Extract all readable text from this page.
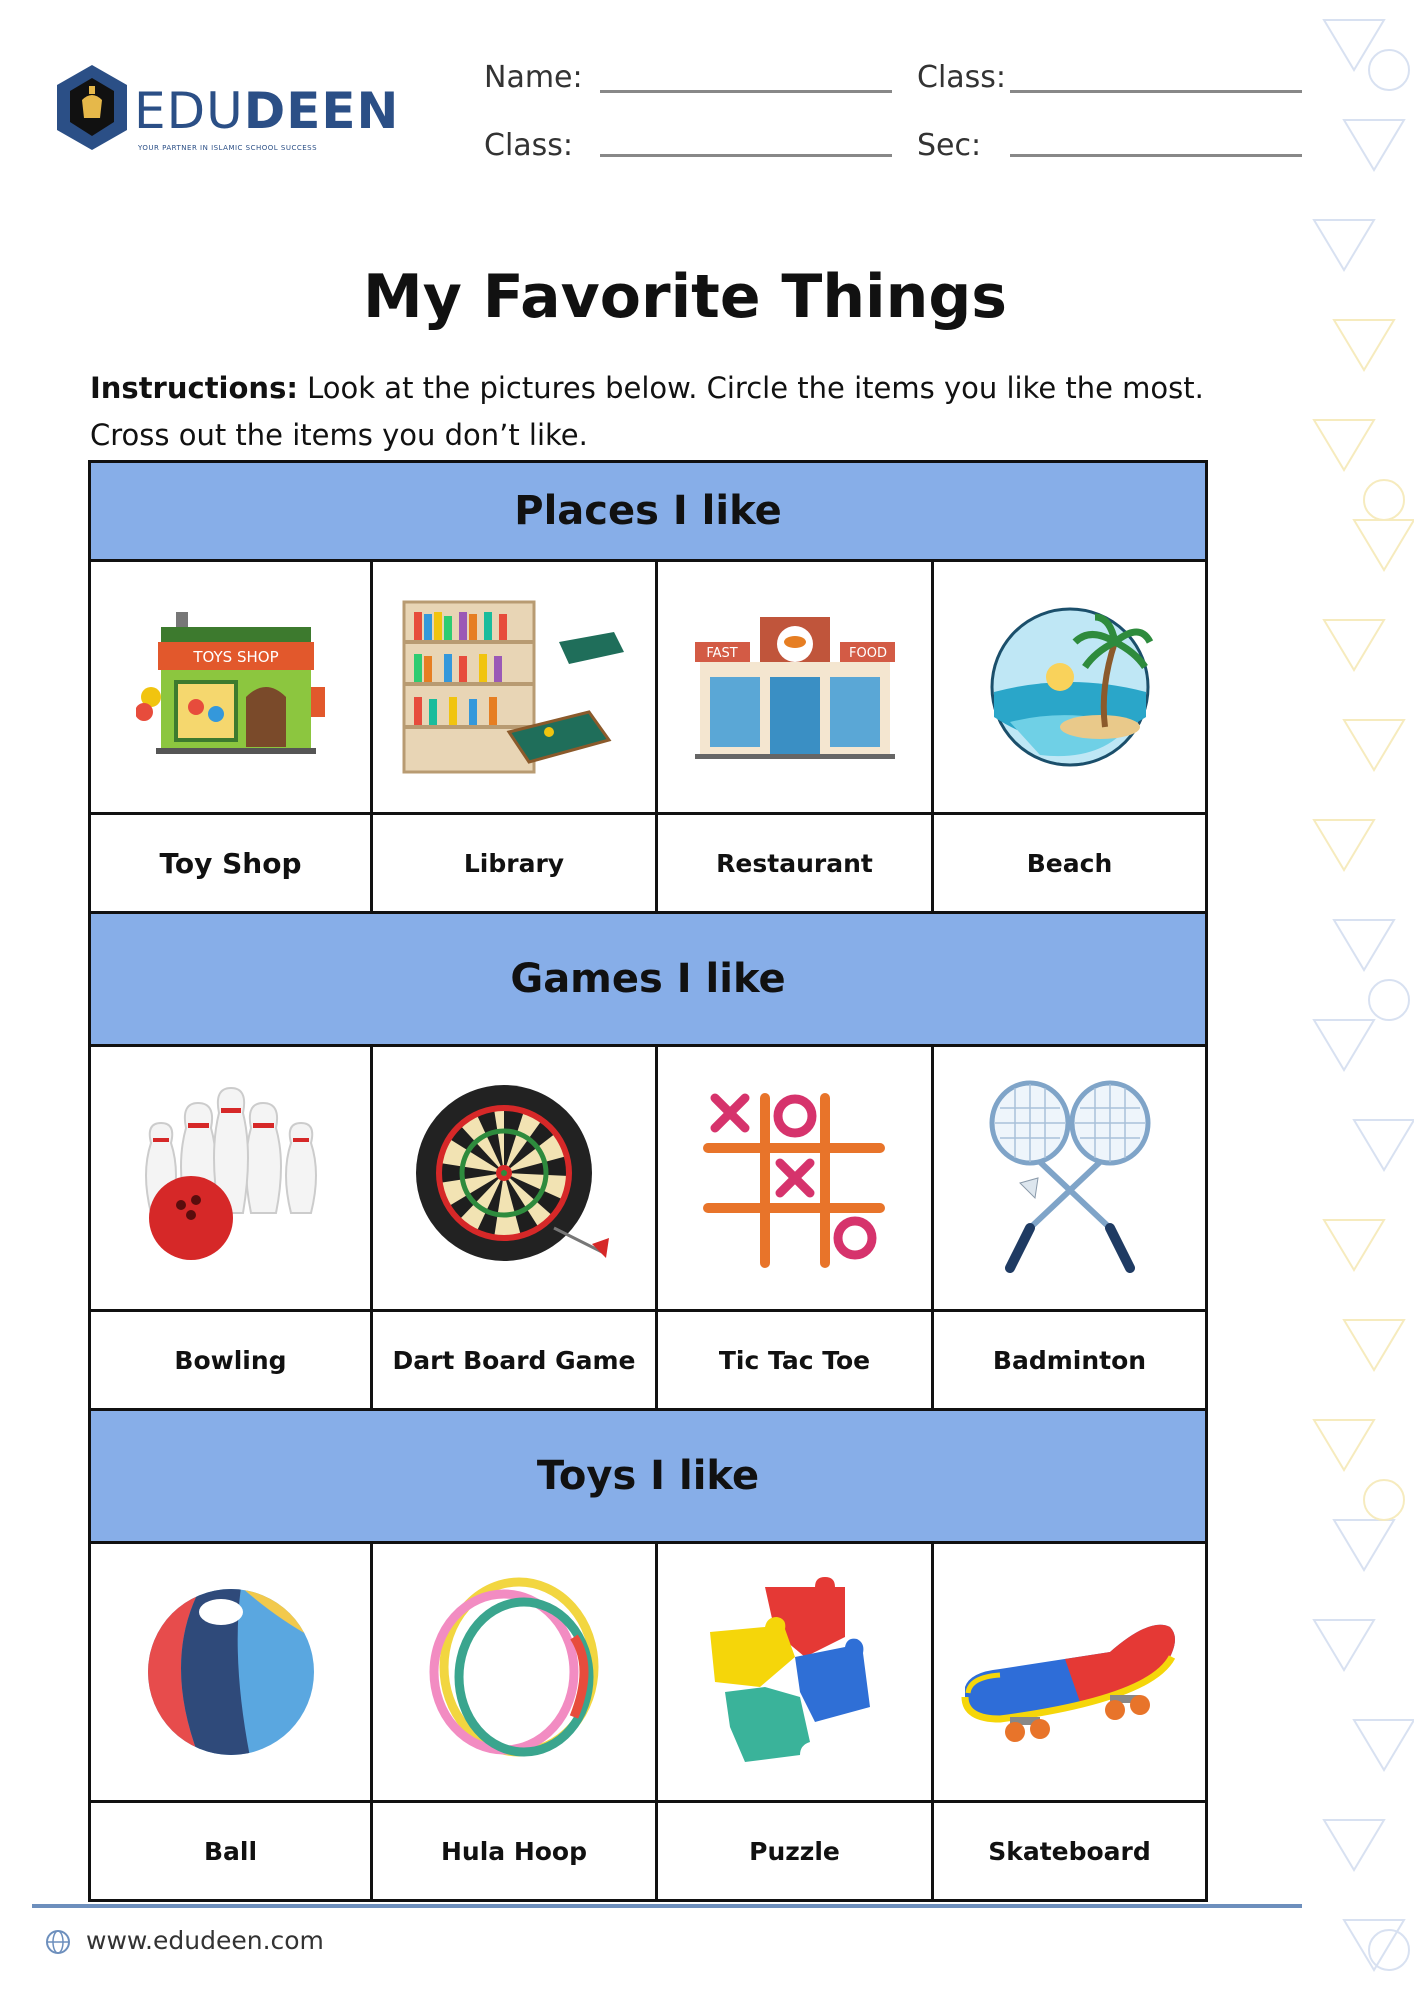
EDUDEEN
YOUR PARTNER IN ISLAMIC SCHOOL SUCCESS
Name:	Class:
Class:	Sec:
My Favorite Things
Instructions: Look at the pictures below. Circle the items you like the most.
Cross out the items you don’t like.
Places I like
TOYS SHOP	FAST	FOOD
Toy Shop	Library	Restaurant	Beach
Games I like
Bowling	Dart Board Game	Tic Tac Toe	Badminton
Toys I like
Ball	Hula Hoop	Puzzle	Skateboard
www.edudeen.com
